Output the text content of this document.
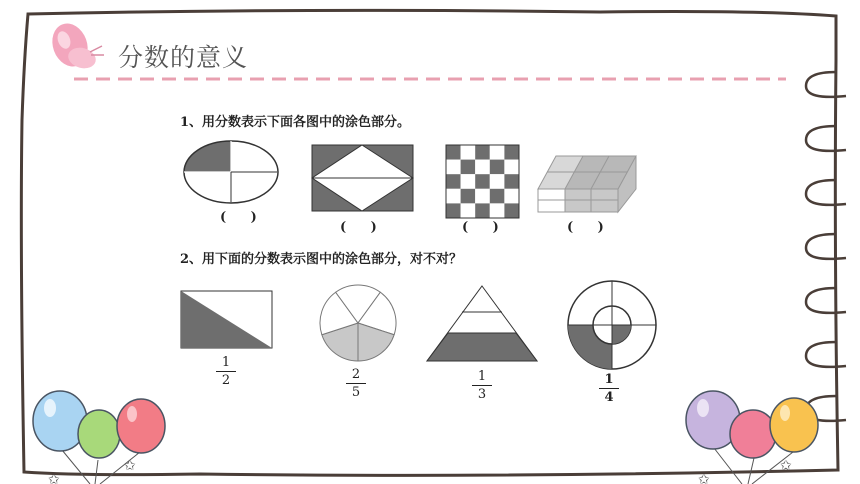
✩
✩
✩
✩
分数的意义
1、用分数表示下面各图中的涂色部分。
2、用下面的分数表示图中的涂色部分，对不对？
( )
( )	( )	( )
1
2	2
5
1
3
1
4
